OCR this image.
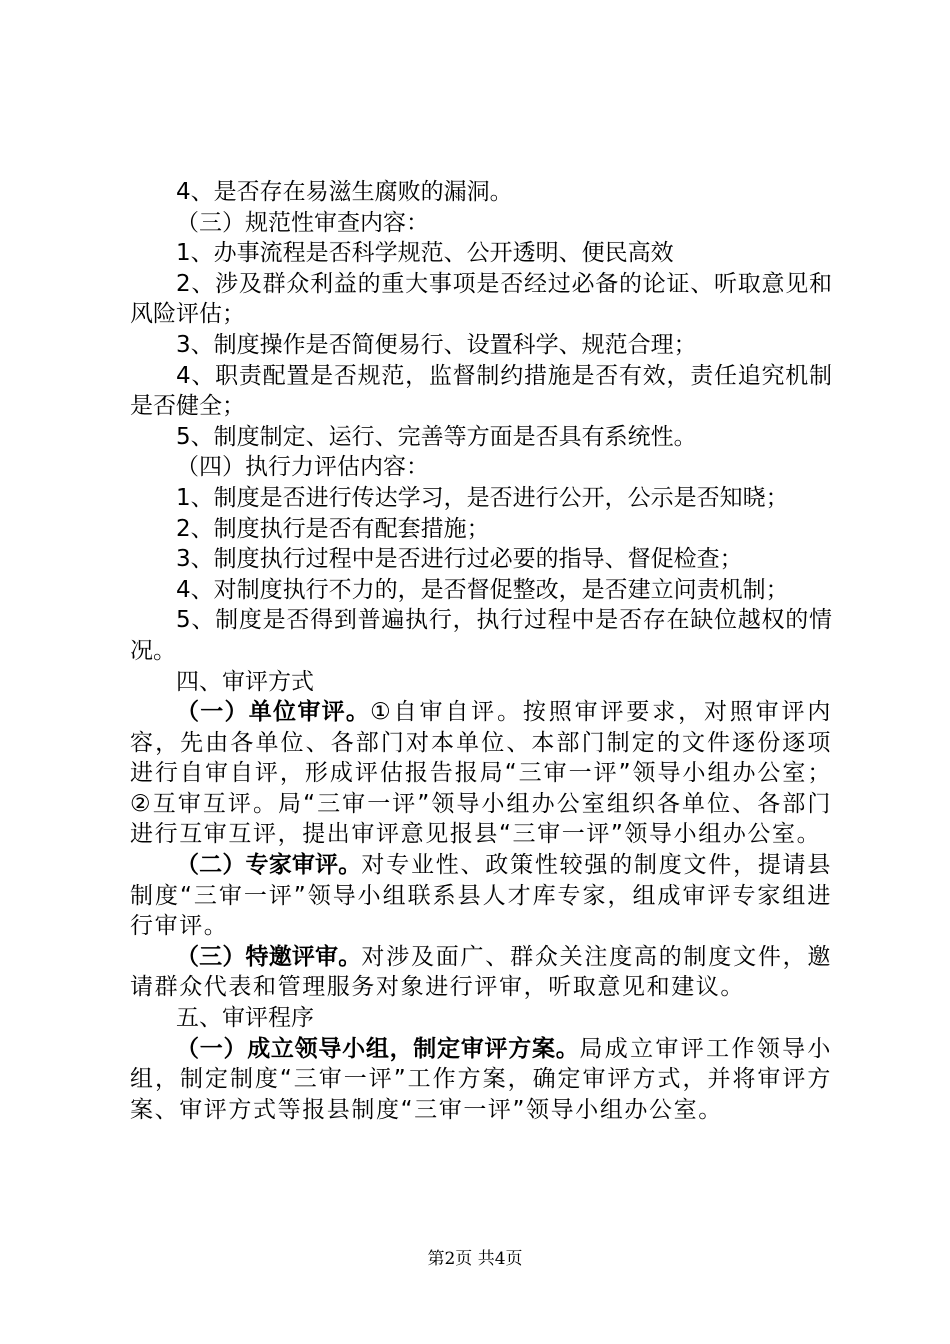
4、是否存在易滋生腐败的漏洞。

（三）规范性审查内容：

1、办事流程是否科学规范、公开透明、便民高效

2、涉及群众利益的重大事项是否经过必备的论证、听取意见和风险评估；

3、制度操作是否简便易行、设置科学、规范合理；

4、职责配置是否规范，监督制约措施是否有效，责任追究机制是否健全；

5、制度制定、运行、完善等方面是否具有系统性。

（四）执行力评估内容：

1、制度是否进行传达学习，是否进行公开，公示是否知晓；

2、制度执行是否有配套措施；

3、制度执行过程中是否进行过必要的指导、督促检查；

4、对制度执行不力的，是否督促整改，是否建立问责机制；

5、制度是否得到普遍执行，执行过程中是否存在缺位越权的情况。

四、审评方式

（一）单位审评。①自审自评。按照审评要求，对照审评内容，先由各单位、各部门对本单位、本部门制定的文件逐份逐项进行自审自评，形成评估报告报局“三审一评”领导小组办公室；②互审互评。局“三审一评”领导小组办公室组织各单位、各部门进行互审互评，提出审评意见报县“三审一评”领导小组办公室。

（二）专家审评。对专业性、政策性较强的制度文件，提请县制度“三审一评”领导小组联系县人才库专家，组成审评专家组进行审评。

（三）特邀评审。对涉及面广、群众关注度高的制度文件，邀请群众代表和管理服务对象进行评审，听取意见和建议。

五、审评程序

（一）成立领导小组，制定审评方案。局成立审评工作领导小组，制定制度“三审一评”工作方案，确定审评方式，并将审评方案、审评方式等报县制度“三审一评”领导小组办公室。

第2页 共4页
